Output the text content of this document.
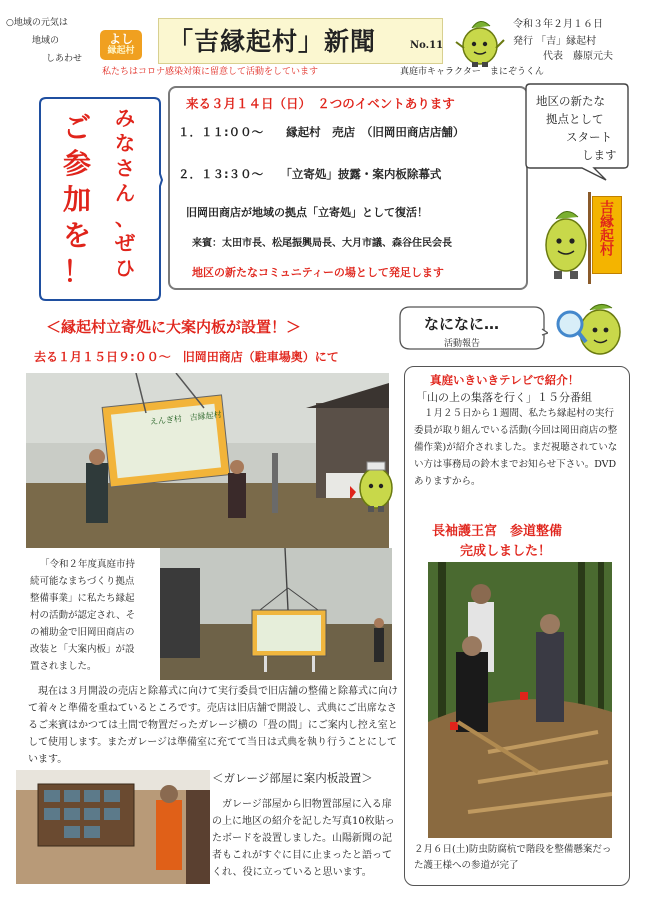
○地域の元気は
地域の
しあわせ
よし
縁起村	「吉縁起村」新聞	No.11
令和３年２月１６日
発行 「吉」縁起村
代表　藤原元夫
私たちはコロナ感染対策に留意して活動をしています	真庭市キャラクター　まにぞうくん
み
な
さ
ん
、
ぜ
ひ
ご
参
加
を
！
来る３月１４日（日）　２つのイベントあります
１．１１:００～　　縁起村　売店　（旧岡田商店店舗）
２．１３:３０～　　「立寄処」披露・案内板除幕式
旧岡田商店が地域の拠点「立寄処」として復活！
来賓：太田市長、松尾振興局長、大月市議、森谷住民会長
地区の新たなコミュニティーの場として発足します
地区の新たな
拠点として
スタート
します
吉縁起村
＜縁起村立寄処に大案内板が設置！＞
去る１月１５日９:００～　旧岡田商店（駐車場奥）にて
えんぎ村　吉縁起村
「令和２年度真庭市持
続可能なまちづくり拠点
整備事業」に私たち縁起
村の活動が認定され、そ
の補助金で旧岡田商店の
改装と「大案内板」が設
置されました。
現在は３月開設の売店と除幕式に向けて実行委員で旧店舗の整備と除幕式に向けて着々と準備を重ねているところです。売店は旧店舗で開設し、式典にご出席なさるご来賓はかつては土間で物置だったガレージ横の「畳の間」にご案内し控え室として使用します。またガレージは準備室に充てて当日は式典を執り行うことにしています。
＜ガレージ部屋に案内板設置＞
ガレージ部屋から旧物置部屋に入る扉の上に地区の紹介を記した写真10枚貼ったボードを設置しました。山陽新聞の記者もこれがすぐに目に止まったと語ってくれ、役に立っていると思います。
なになに…
活動報告
真庭いきいきテレビで紹介！
「山の上の集落を行く」１５分番組
１月２５日から１週間、私たち縁起村の実行委員が取り組んでいる活動(今回は岡田商店の整備作業)が紹介されました。まだ視聴されていない方は事務局の鈴木までお知らせ下さい。DVD ありますから。
長袖護王宮　参道整備
完成しました！
２月６日(土)防虫防腐杭で階段を整備懸案だった護王様への参道が完了
